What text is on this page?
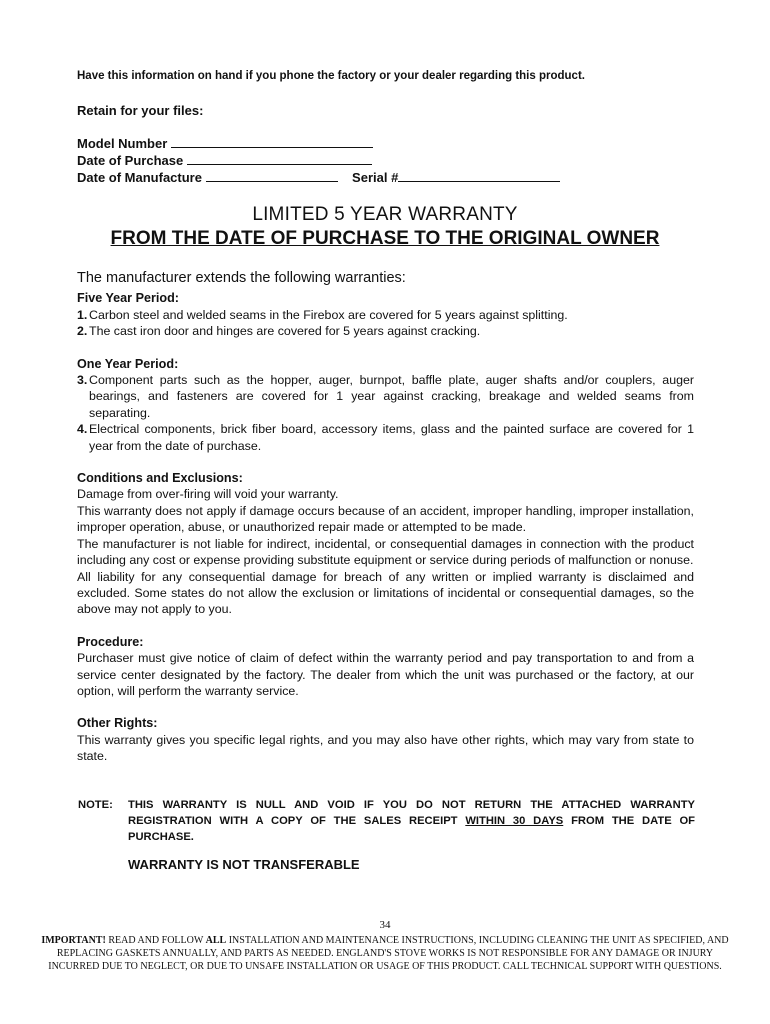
Have this information on hand if you phone the factory or your dealer regarding this product.
Retain for your files:
Model Number
Date of Purchase
Date of Manufacture	Serial #
LIMITED 5 YEAR WARRANTY
FROM THE DATE OF PURCHASE TO THE ORIGINAL OWNER

The manufacturer extends the following warranties:

Five Year Period:

1. Carbon steel and welded seams in the Firebox are covered for 5 years against splitting.
2. The cast iron door and hinges are covered for 5 years against cracking.

One Year Period:

3. Component parts such as the hopper, auger, burnpot, baffle plate, auger shafts and/or couplers, auger bearings, and fasteners are covered for 1 year against cracking, breakage and welded seams from separating.
4. Electrical components, brick fiber board, accessory items, glass and the painted surface are covered for 1 year from the date of purchase.

Conditions and Exclusions:

Damage from over-firing will void your warranty.

This warranty does not apply if damage occurs because of an accident, improper handling, improper installation, improper operation, abuse, or unauthorized repair made or attempted to be made.

The manufacturer is not liable for indirect, incidental, or consequential damages in connection with the product including any cost or expense providing substitute equipment or service during periods of malfunction or nonuse.

All liability for any consequential damage for breach of any written or implied warranty is disclaimed and excluded. Some states do not allow the exclusion or limitations of incidental or consequential damages, so the above may not apply to you.

Procedure:

Purchaser must give notice of claim of defect within the warranty period and pay transportation to and from a service center designated by the factory. The dealer from which the unit was purchased or the factory, at our option, will perform the warranty service.

Other Rights:

This warranty gives you specific legal rights, and you may also have other rights, which may vary from state to state.

NOTE:	THIS WARRANTY IS NULL AND VOID IF YOU DO NOT RETURN THE ATTACHED WARRANTY REGISTRATION WITH A COPY OF THE SALES RECEIPT WITHIN 30 DAYS FROM THE DATE OF PURCHASE.
WARRANTY IS NOT TRANSFERABLE
34
IMPORTANT! READ AND FOLLOW ALL INSTALLATION AND MAINTENANCE INSTRUCTIONS, INCLUDING CLEANING THE UNIT AS SPECIFIED, AND REPLACING GASKETS ANNUALLY, AND PARTS AS NEEDED. ENGLAND'S STOVE WORKS IS NOT RESPONSIBLE FOR ANY DAMAGE OR INJURY INCURRED DUE TO NEGLECT, OR DUE TO UNSAFE INSTALLATION OR USAGE OF THIS PRODUCT. CALL TECHNICAL SUPPORT WITH QUESTIONS.
